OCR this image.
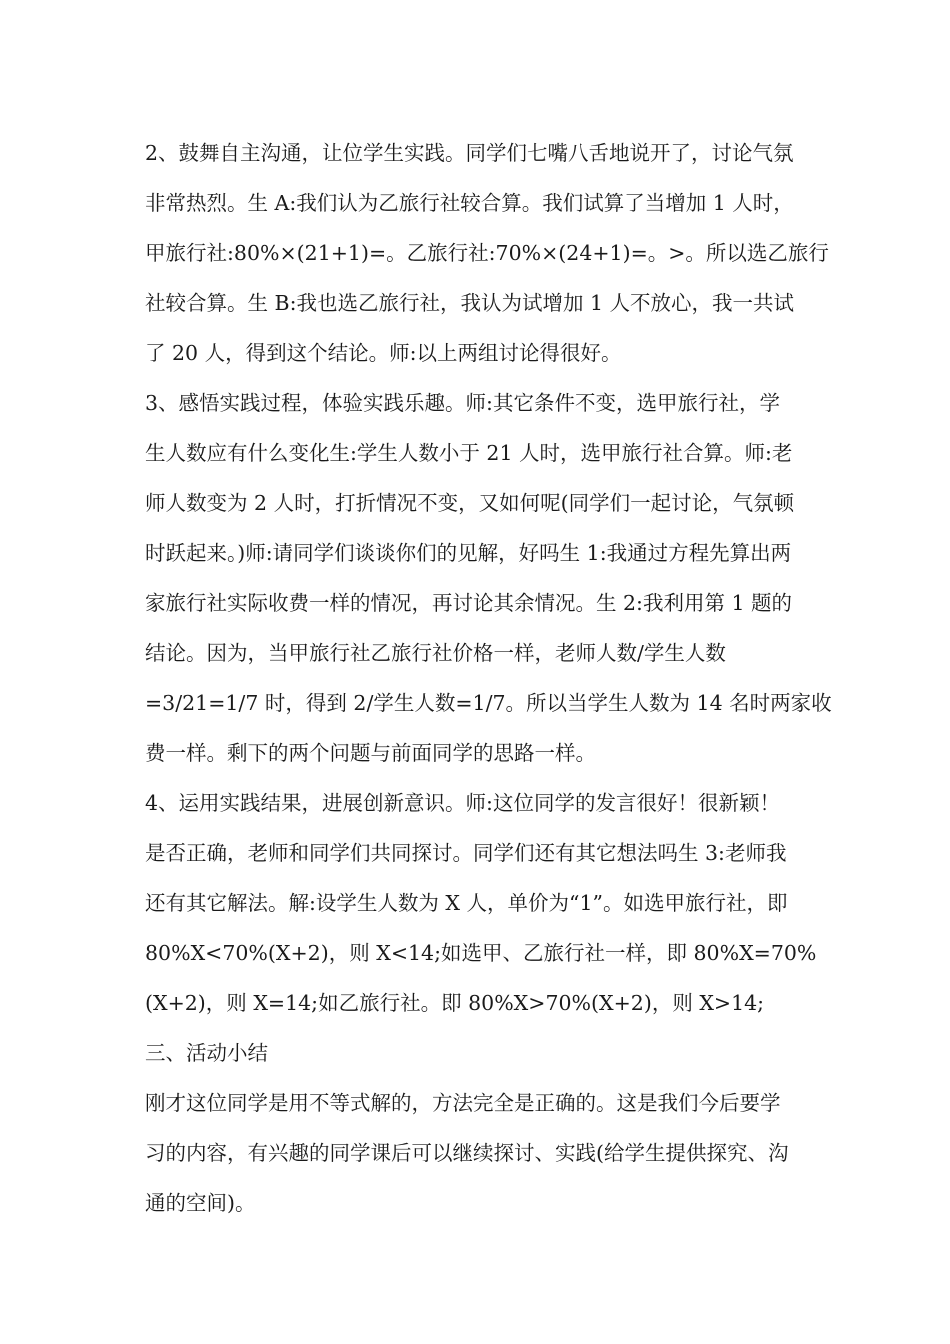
2、鼓舞自主沟通，让位学生实践。同学们七嘴八舌地说开了，讨论气氛
非常热烈。生 A:我们认为乙旅行社较合算。我们试算了当增加 1 人时，
甲旅行社:80%×(21+1)=。乙旅行社:70%×(24+1)=。>。所以选乙旅行
社较合算。生 B:我也选乙旅行社，我认为试增加 1 人不放心，我一共试
了 20 人，得到这个结论。师:以上两组讨论得很好。
3、感悟实践过程，体验实践乐趣。师:其它条件不变，选甲旅行社，学
生人数应有什么变化生:学生人数小于 21 人时，选甲旅行社合算。师:老
师人数变为 2 人时，打折情况不变，又如何呢(同学们一起讨论，气氛顿
时跃起来。)师:请同学们谈谈你们的见解，好吗生 1:我通过方程先算出两
家旅行社实际收费一样的情况，再讨论其余情况。生 2:我利用第 1 题的
结论。因为，当甲旅行社乙旅行社价格一样，老师人数/学生人数
=3/21=1/7 时，得到 2/学生人数=1/7。所以当学生人数为 14 名时两家收
费一样。剩下的两个问题与前面同学的思路一样。
4、运用实践结果，进展创新意识。师:这位同学的发言很好！很新颖！
是否正确，老师和同学们共同探讨。同学们还有其它想法吗生 3:老师我
还有其它解法。解:设学生人数为 X 人，单价为“1”。如选甲旅行社，即
80%X<70%(X+2)，则 X<14;如选甲、乙旅行社一样，即 80%X=70%
(X+2)，则 X=14;如乙旅行社。即 80%X>70%(X+2)，则 X>14;
三、活动小结
刚才这位同学是用不等式解的，方法完全是正确的。这是我们今后要学
习的内容，有兴趣的同学课后可以继续探讨、实践(给学生提供探究、沟
通的空间)。
